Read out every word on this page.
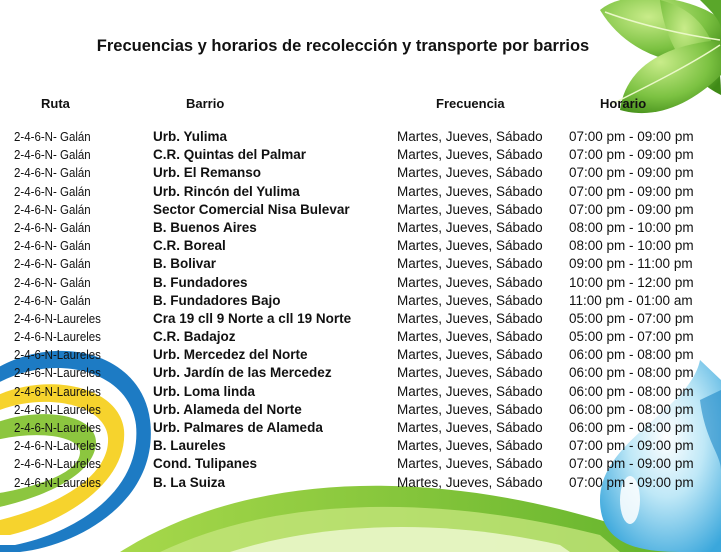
Frecuencias y horarios de recolección y transporte por barrios
Ruta	Barrio	Frecuencia	Horario
2-4-6-N- Galán	Urb. Yulima	Martes, Jueves, Sábado 07:00 pm - 09:00 pm
2-4-6-N- Galán	C.R. Quintas del Palmar	Martes, Jueves, Sábado 07:00 pm - 09:00 pm
2-4-6-N- Galán	Urb. El Remanso	Martes, Jueves, Sábado 07:00 pm - 09:00 pm
2-4-6-N- Galán	Urb. Rincón del Yulima	Martes, Jueves, Sábado 07:00 pm - 09:00 pm
2-4-6-N- Galán	Sector Comercial Nisa Bulevar	Martes, Jueves, Sábado 07:00 pm - 09:00 pm
2-4-6-N- Galán	B. Buenos Aires	Martes, Jueves, Sábado 08:00 pm - 10:00 pm
2-4-6-N- Galán	C.R. Boreal	Martes, Jueves, Sábado 08:00 pm - 10:00 pm
2-4-6-N- Galán	B. Bolivar	Martes, Jueves, Sábado 09:00 pm - 11:00 pm
2-4-6-N- Galán	B. Fundadores	Martes, Jueves, Sábado 10:00 pm - 12:00 pm
2-4-6-N- Galán	B. Fundadores Bajo	Martes, Jueves, Sábado 11:00 pm - 01:00 am
2-4-6-N-Laureles	Cra 19 cll 9 Norte a cll 19 Norte	Martes, Jueves, Sábado 05:00 pm - 07:00 pm
2-4-6-N-Laureles	C.R. Badajoz	Martes, Jueves, Sábado 05:00 pm - 07:00 pm
2-4-6-N-Laureles	Urb. Mercedez del Norte	Martes, Jueves, Sábado 06:00 pm - 08:00 pm
2-4-6-N-Laureles	Urb. Jardín de las Mercedez	Martes, Jueves, Sábado 06:00 pm - 08:00 pm
2-4-6-N-Laureles	Urb. Loma linda	Martes, Jueves, Sábado 06:00 pm - 08:00 pm
2-4-6-N-Laureles	Urb. Alameda del Norte	Martes, Jueves, Sábado 06:00 pm - 08:00 pm
2-4-6-N-Laureles	Urb. Palmares de Alameda	Martes, Jueves, Sábado 06:00 pm - 08:00 pm
2-4-6-N-Laureles	B. Laureles	Martes, Jueves, Sábado 07:00 pm - 09:00 pm
2-4-6-N-Laureles	Cond. Tulipanes	Martes, Jueves, Sábado 07:00 pm - 09:00 pm
2-4-6-N-Laureles	B. La Suiza	Martes, Jueves, Sábado 07:00 pm - 09:00 pm
